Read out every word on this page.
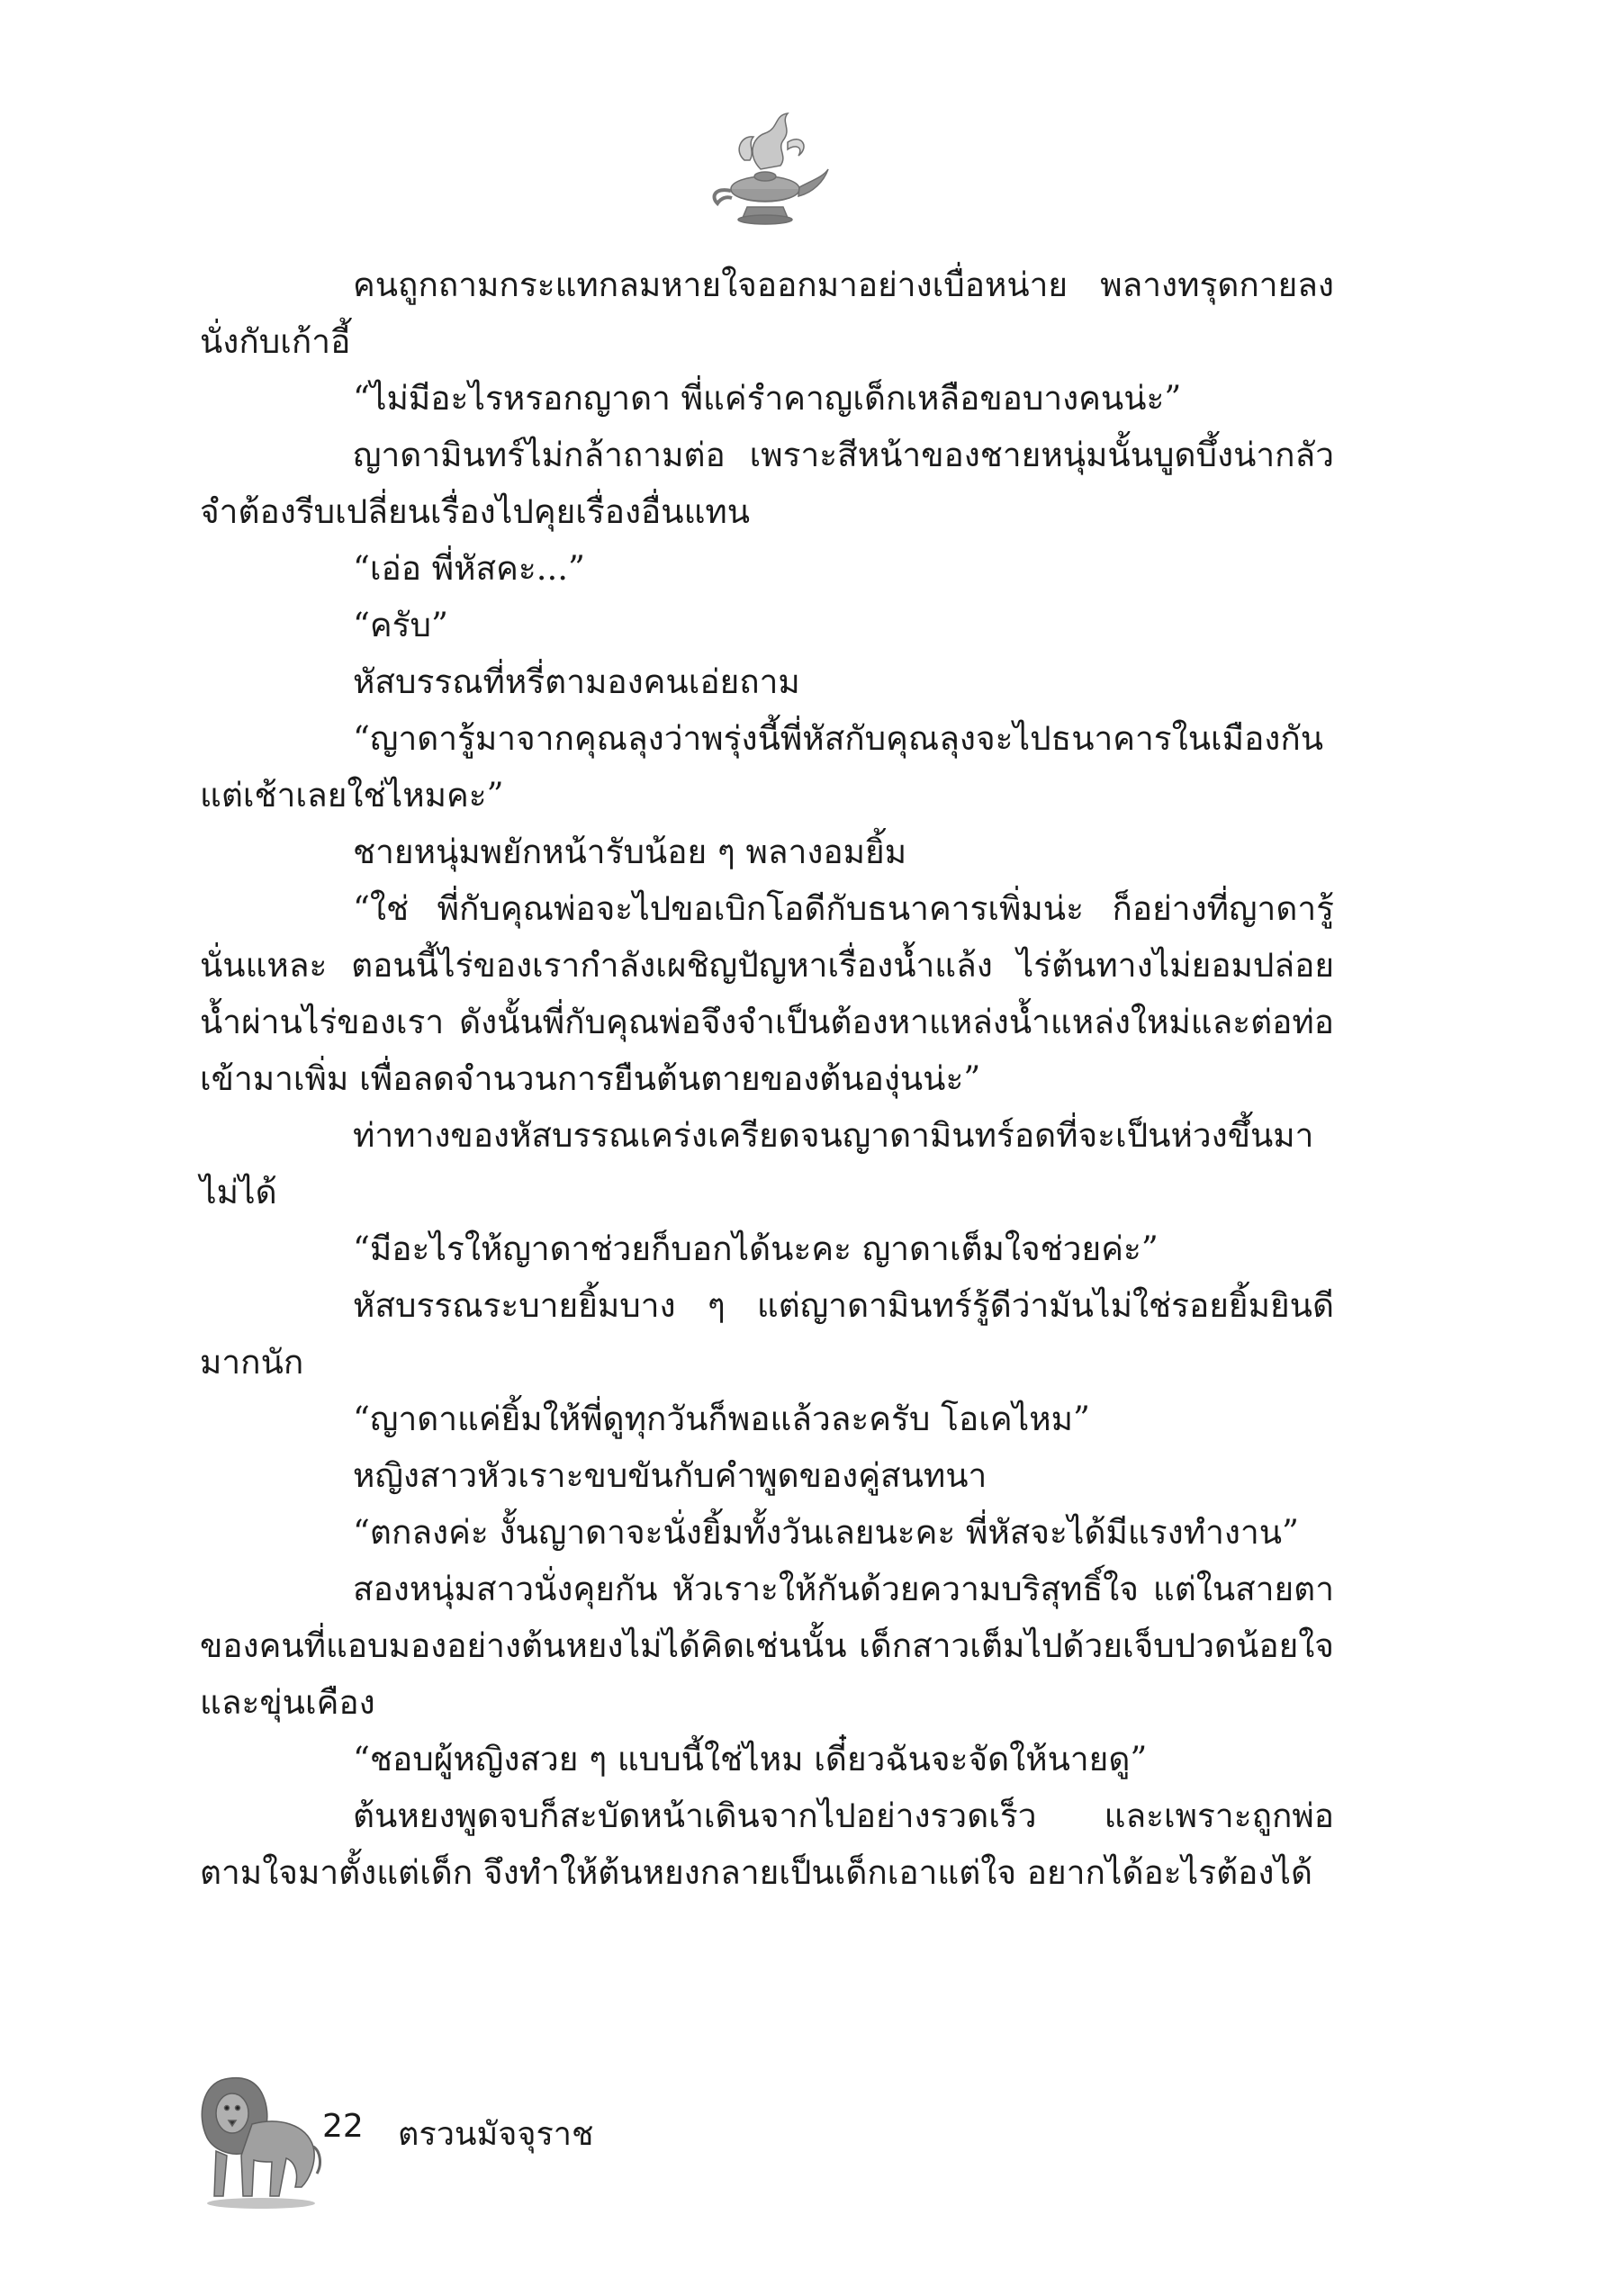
คนถูกถามกระแทกลมหายใจออกมาอย่างเบื่อหน่าย พลางทรุดกายลงนั่งกับเก้าอี้

“ไม่มีอะไรหรอกญาดา พี่แค่รำคาญเด็กเหลือขอบางคนน่ะ”

ญาดามินทร์ไม่กล้าถามต่อ เพราะสีหน้าของชายหนุ่มนั้นบูดบึ้งน่ากลัว จำต้องรีบเปลี่ยนเรื่องไปคุยเรื่องอื่นแทน

“เอ่อ พี่หัสคะ...”

“ครับ”

หัสบรรณที่หรี่ตามองคนเอ่ยถาม

“ญาดารู้มาจากคุณลุงว่าพรุ่งนี้พี่หัสกับคุณลุงจะไปธนาคารในเมืองกันแต่เช้าเลยใช่ไหมคะ”

ชายหนุ่มพยักหน้ารับน้อย ๆ พลางอมยิ้ม

“ใช่ พี่กับคุณพ่อจะไปขอเบิกโอดีกับธนาคารเพิ่มน่ะ ก็อย่างที่ญาดารู้นั่นแหละ ตอนนี้ไร่ของเรากำลังเผชิญปัญหาเรื่องน้ำแล้ง ไร่ต้นทางไม่ยอมปล่อยน้ำผ่านไร่ของเรา ดังนั้นพี่กับคุณพ่อจึงจำเป็นต้องหาแหล่งน้ำแหล่งใหม่และต่อท่อเข้ามาเพิ่ม เพื่อลดจำนวนการยืนต้นตายของต้นองุ่นน่ะ”

ท่าทางของหัสบรรณเคร่งเครียดจนญาดามินทร์อดที่จะเป็นห่วงขึ้นมาไม่ได้

“มีอะไรให้ญาดาช่วยก็บอกได้นะคะ ญาดาเต็มใจช่วยค่ะ”

หัสบรรณระบายยิ้มบาง ๆ แต่ญาดามินทร์รู้ดีว่ามันไม่ใช่รอยยิ้มยินดีมากนัก

“ญาดาแค่ยิ้มให้พี่ดูทุกวันก็พอแล้วละครับ โอเคไหม”

หญิงสาวหัวเราะขบขันกับคำพูดของคู่สนทนา

“ตกลงค่ะ งั้นญาดาจะนั่งยิ้มทั้งวันเลยนะคะ พี่หัสจะได้มีแรงทำงาน”

สองหนุ่มสาวนั่งคุยกัน หัวเราะให้กันด้วยความบริสุทธิ์ใจ แต่ในสายตาของคนที่แอบมองอย่างต้นหยงไม่ได้คิดเช่นนั้น เด็กสาวเต็มไปด้วยเจ็บปวดน้อยใจ และขุ่นเคือง

“ชอบผู้หญิงสวย ๆ แบบนี้ใช่ไหม เดี๋ยวฉันจะจัดให้นายดู”

ต้นหยงพูดจบก็สะบัดหน้าเดินจากไปอย่างรวดเร็ว และเพราะถูกพ่อตามใจมาตั้งแต่เด็ก จึงทำให้ต้นหยงกลายเป็นเด็กเอาแต่ใจ อยากได้อะไรต้องได้

22 ตรวนมัจจุราช
